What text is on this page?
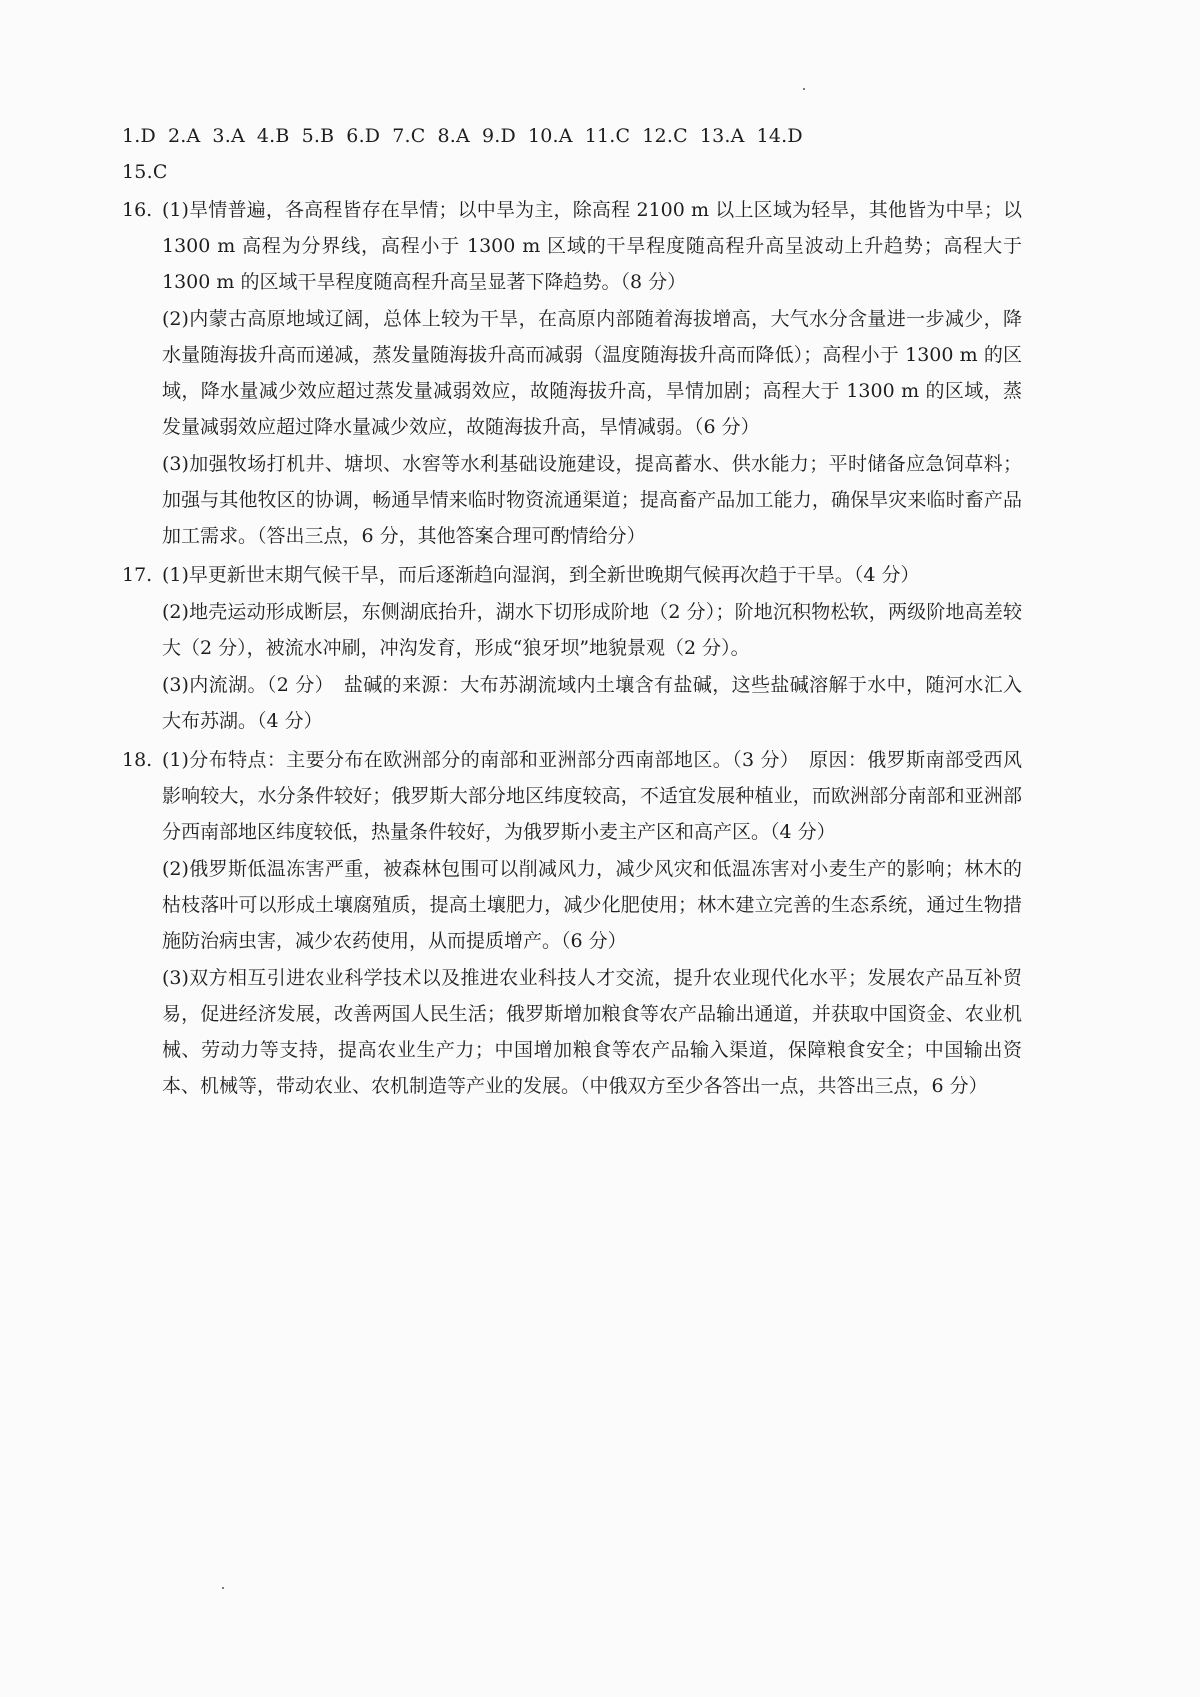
1.D 2.A 3.A 4.B 5.B 6.D 7.C 8.A 9.D 10.A 11.C 12.C 13.A 14.D
15.C
16. (1)旱情普遍，各高程皆存在旱情；以中旱为主，除高程 2100 m 以上区域为轻旱，其他皆为中旱；以 1300 m 高程为分界线，高程小于 1300 m 区域的干旱程度随高程升高呈波动上升趋势；高程大于 1300 m 的区域干旱程度随高程升高呈显著下降趋势。（8 分）

(2)内蒙古高原地域辽阔，总体上较为干旱，在高原内部随着海拔增高，大气水分含量进一步减少，降水量随海拔升高而递减，蒸发量随海拔升高而减弱（温度随海拔升高而降低）；高程小于 1300 m 的区域，降水量减少效应超过蒸发量减弱效应，故随海拔升高，旱情加剧；高程大于 1300 m 的区域，蒸发量减弱效应超过降水量减少效应，故随海拔升高，旱情减弱。（6 分）

(3)加强牧场打机井、塘坝、水窖等水利基础设施建设，提高蓄水、供水能力；平时储备应急饲草料；加强与其他牧区的协调，畅通旱情来临时物资流通渠道；提高畜产品加工能力，确保旱灾来临时畜产品加工需求。（答出三点，6 分，其他答案合理可酌情给分）

17. (1)早更新世末期气候干旱，而后逐渐趋向湿润，到全新世晚期气候再次趋于干旱。（4 分）

(2)地壳运动形成断层，东侧湖底抬升，湖水下切形成阶地（2 分）；阶地沉积物松软，两级阶地高差较大（2 分），被流水冲刷，冲沟发育，形成“狼牙坝”地貌景观（2 分）。

(3)内流湖。（2 分）　盐碱的来源：大布苏湖流域内土壤含有盐碱，这些盐碱溶解于水中，随河水汇入大布苏湖。（4 分）

18. (1)分布特点：主要分布在欧洲部分的南部和亚洲部分西南部地区。（3 分）　原因：俄罗斯南部受西风影响较大，水分条件较好；俄罗斯大部分地区纬度较高，不适宜发展种植业，而欧洲部分南部和亚洲部分西南部地区纬度较低，热量条件较好，为俄罗斯小麦主产区和高产区。（4 分）

(2)俄罗斯低温冻害严重，被森林包围可以削减风力，减少风灾和低温冻害对小麦生产的影响；林木的枯枝落叶可以形成土壤腐殖质，提高土壤肥力，减少化肥使用；林木建立完善的生态系统，通过生物措施防治病虫害，减少农药使用，从而提质增产。（6 分）

(3)双方相互引进农业科学技术以及推进农业科技人才交流，提升农业现代化水平；发展农产品互补贸易，促进经济发展，改善两国人民生活；俄罗斯增加粮食等农产品输出通道，并获取中国资金、农业机械、劳动力等支持，提高农业生产力；中国增加粮食等农产品输入渠道，保障粮食安全；中国输出资本、机械等，带动农业、农机制造等产业的发展。（中俄双方至少各答出一点，共答出三点，6 分）
